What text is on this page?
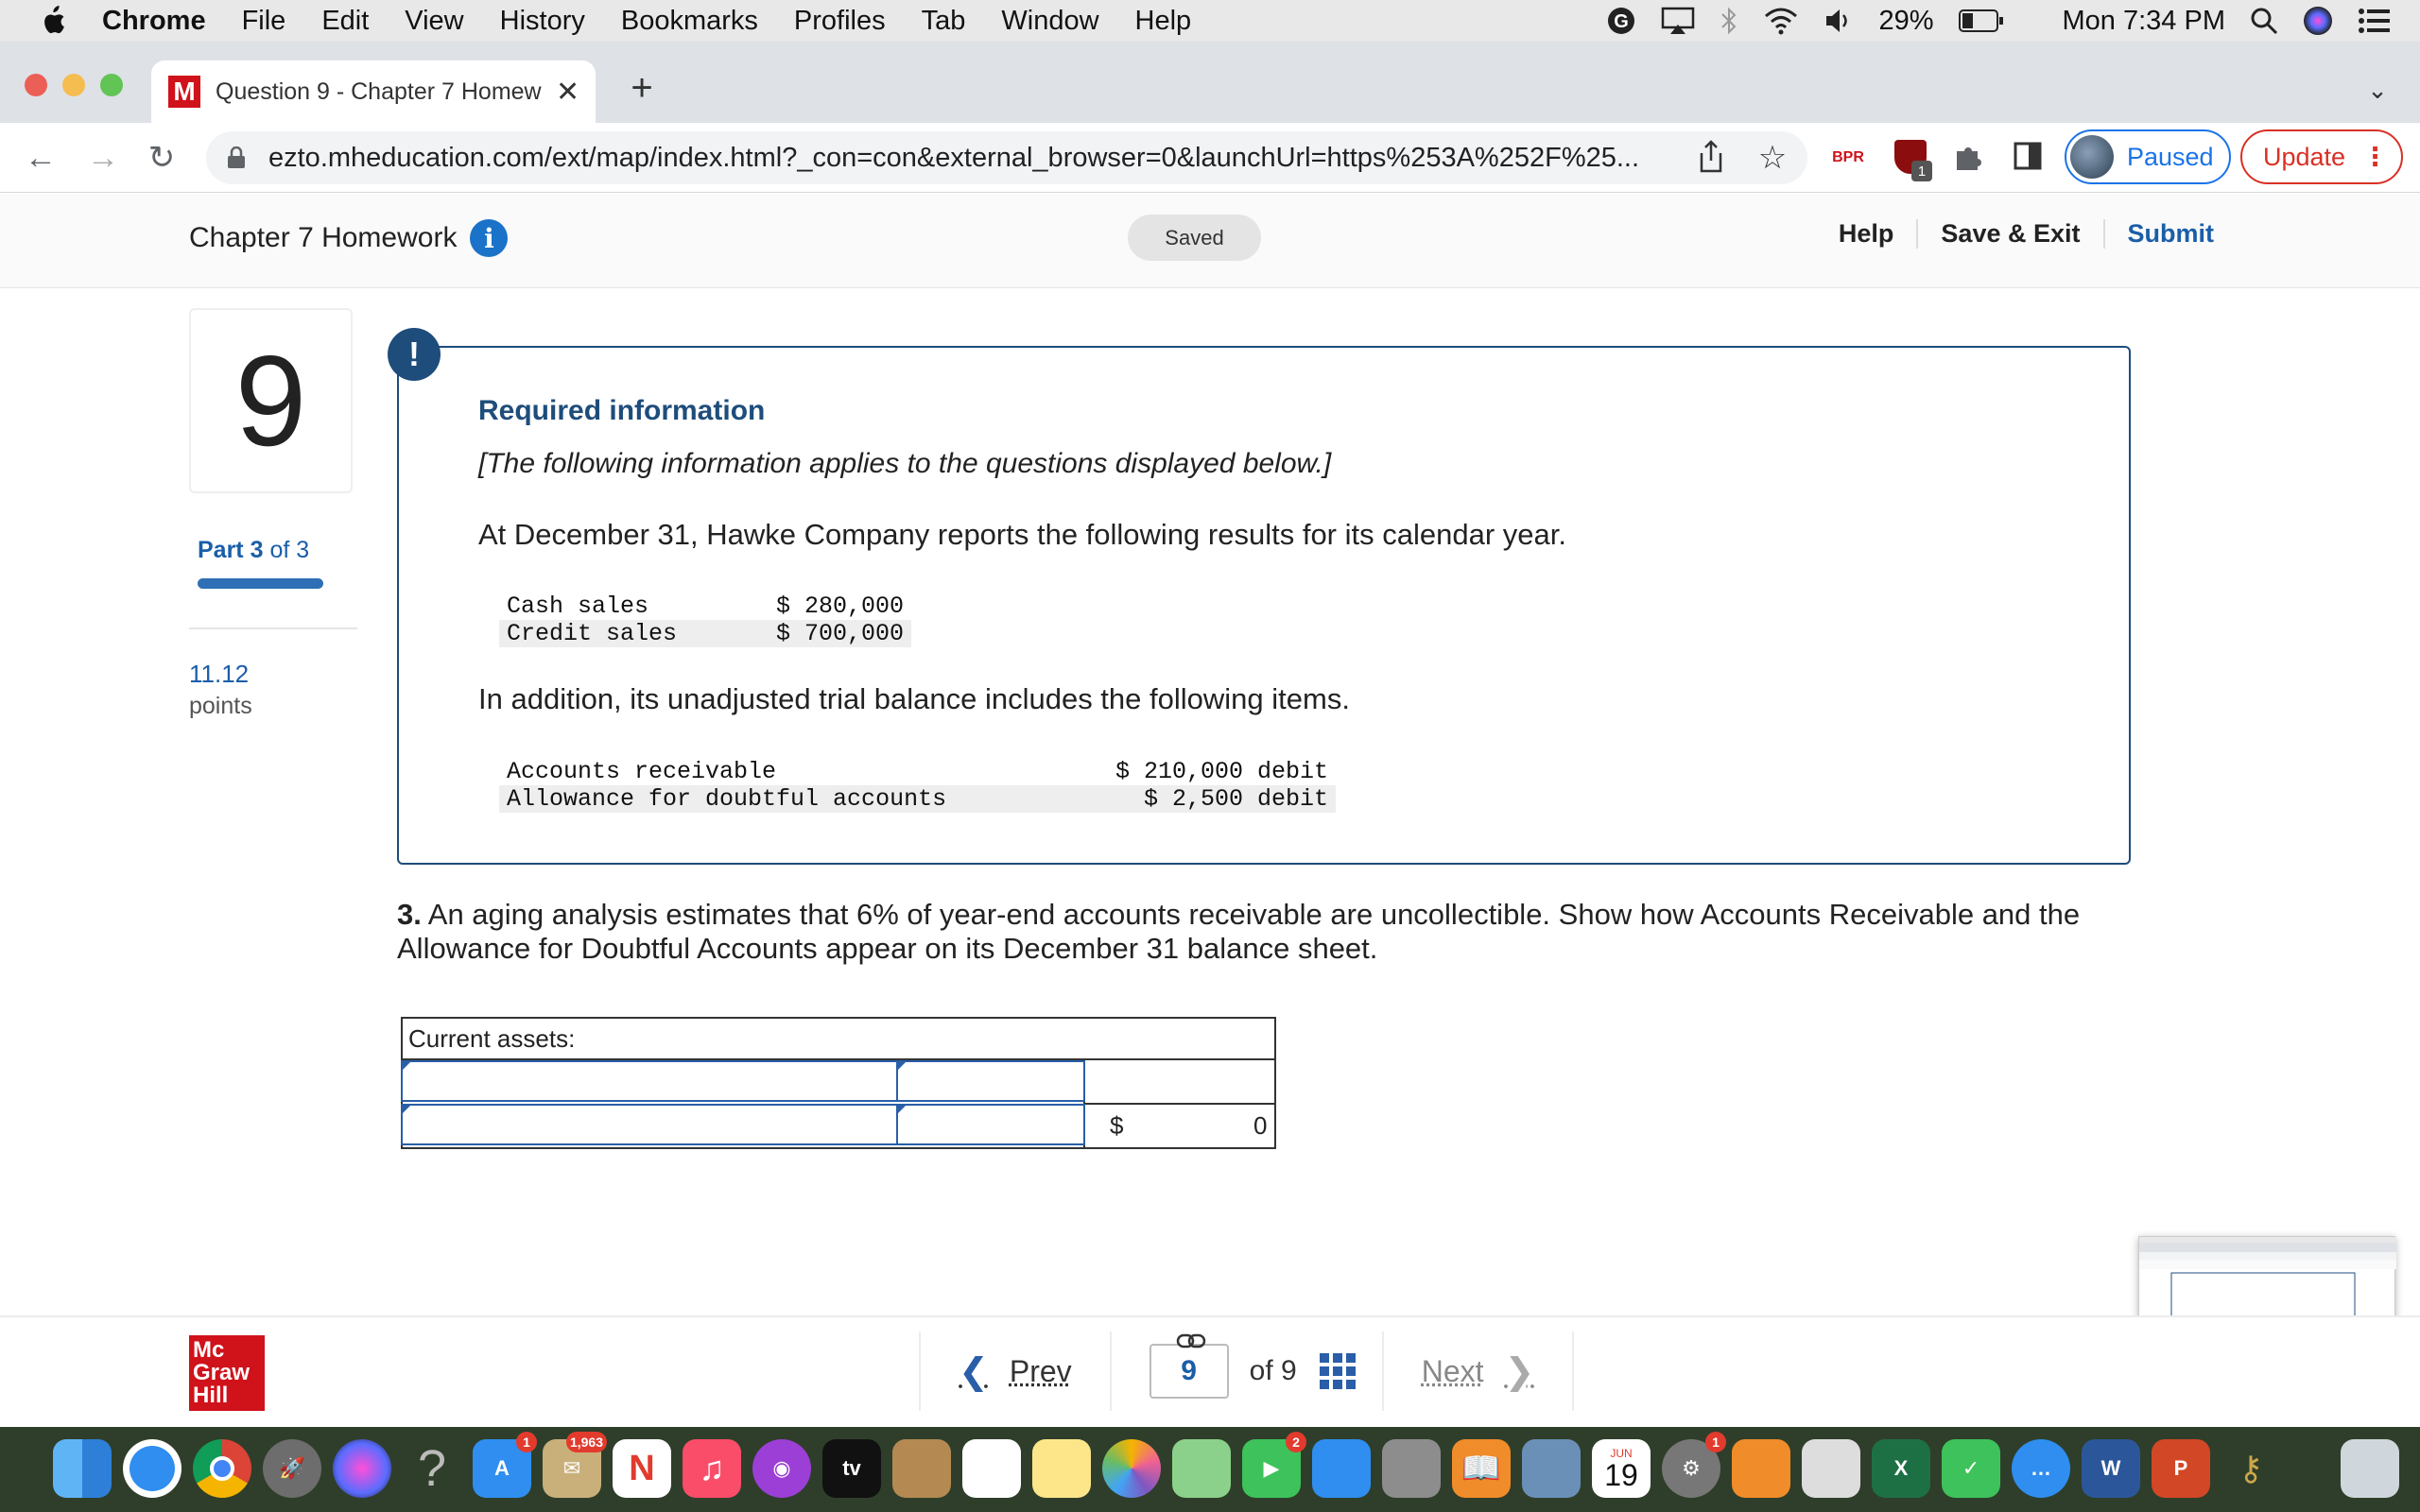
Chrome File Edit View History Bookmarks Profiles Tab Window Help	G	29%	Mon 7:34 PM
M Question 9 - Chapter 7 Homew ✕ +	⌄
← → ↻	ezto.mheducation.com/ext/map/index.html?_con=con&external_browser=0&launchUrl=https%253A%252F%25...	☆	BPR
1
Paused Update ⋮
Chapter 7 Homework	i	Saved	Help	Save & Exit	Submit
9
Part 3 of 3
11.12
points
!
Required information
[The following information applies to the questions displayed below.]
At December 31, Hawke Company reports the following results for its calendar year.
Cash sales	$ 280,000
Credit sales	$ 700,000
In addition, its unadjusted trial balance includes the following items.
Accounts receivable	$ 210,000 debit
Allowance for doubtful accounts	$ 2,500 debit
3. An aging analysis estimates that 6% of year-end accounts receivable are uncollectible. Show how Accounts Receivable and the Allowance for Doubtful Accounts appear on its December 31 balance sheet.
Current assets:
$	0
Mc
Graw
Hill
❮ Prev	9 of 9	Next ❯
🚀	?	A
1
✉
1,963
N	♫	◉	tv	▶
2
📖	JUN
19	⚙
1
X	✓	…	W	P	⚷
